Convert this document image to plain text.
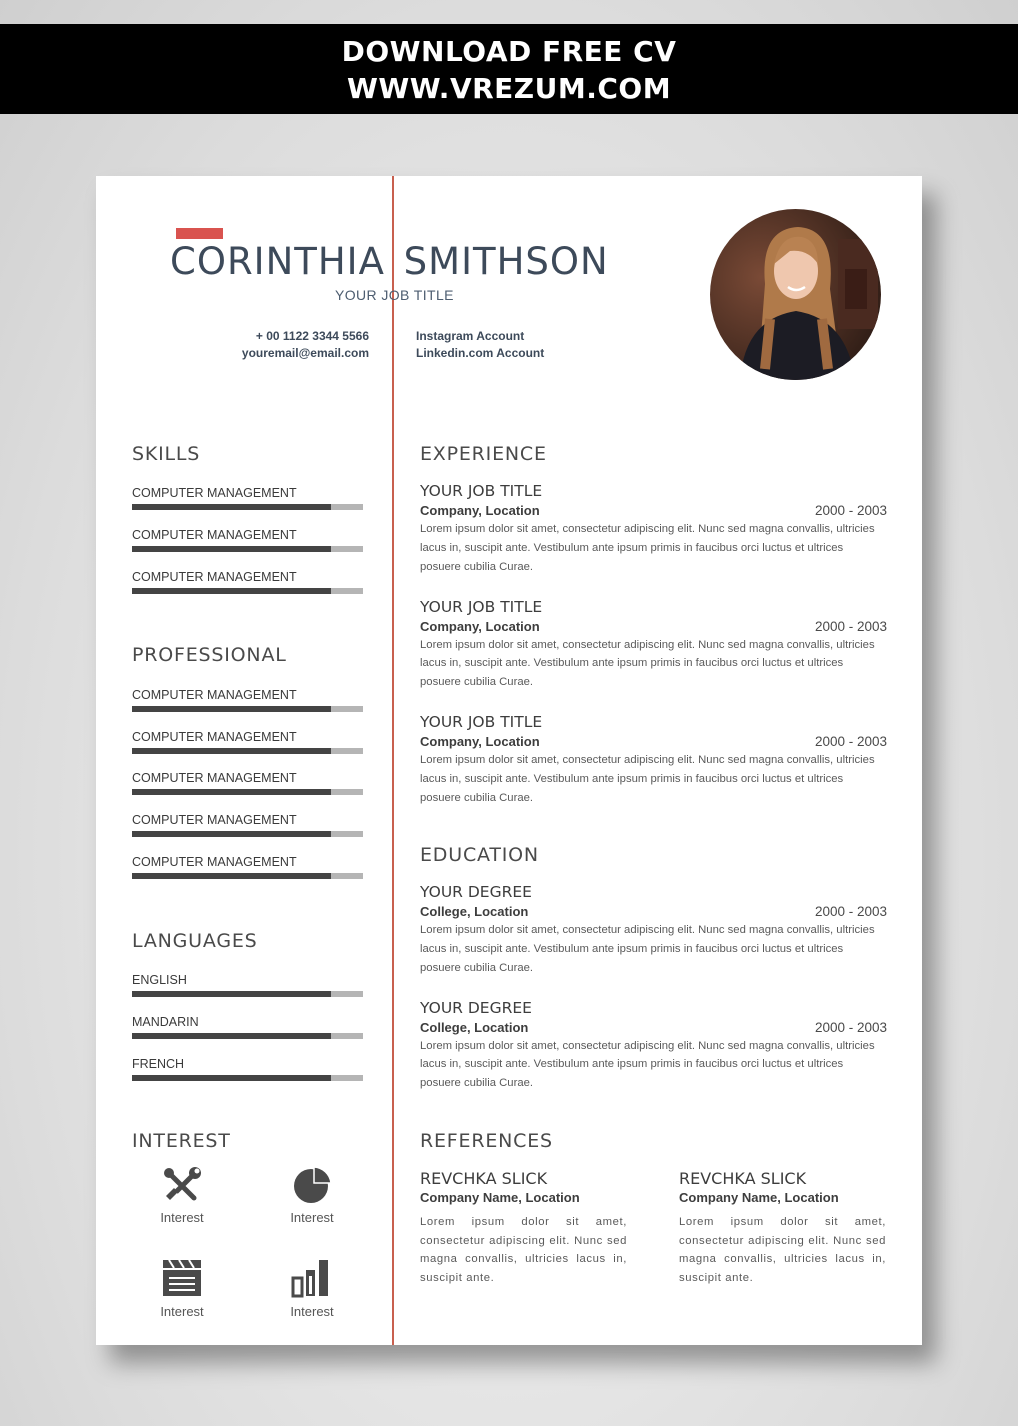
DOWNLOAD FREE CV
WWW.VREZUM.COM
CORINTHIA SMITHSON
YOUR JOB TITLE
+ 00 1122 3344 5566
youremail@email.com
Instagram Account
Linkedin.com Account
SKILLS
COMPUTER MANAGEMENT
COMPUTER MANAGEMENT
COMPUTER MANAGEMENT
PROFESSIONAL
COMPUTER MANAGEMENT
COMPUTER MANAGEMENT
COMPUTER MANAGEMENT
COMPUTER MANAGEMENT
COMPUTER MANAGEMENT
LANGUAGES
ENGLISH
MANDARIN
FRENCH
INTEREST
Interest	Interest
Interest	Interest
EXPERIENCE
YOUR JOB TITLE
Company, Location	2000 - 2003
Lorem ipsum dolor sit amet, consectetur adipiscing elit. Nunc sed magna convallis, ultricies lacus in, suscipit ante. Vestibulum ante ipsum primis in faucibus orci luctus et ultrices posuere cubilia Curae.
YOUR JOB TITLE
Company, Location	2000 - 2003
Lorem ipsum dolor sit amet, consectetur adipiscing elit. Nunc sed magna convallis, ultricies lacus in, suscipit ante. Vestibulum ante ipsum primis in faucibus orci luctus et ultrices posuere cubilia Curae.
YOUR JOB TITLE
Company, Location	2000 - 2003
Lorem ipsum dolor sit amet, consectetur adipiscing elit. Nunc sed magna convallis, ultricies lacus in, suscipit ante. Vestibulum ante ipsum primis in faucibus orci luctus et ultrices posuere cubilia Curae.
EDUCATION
YOUR DEGREE
College, Location	2000 - 2003
Lorem ipsum dolor sit amet, consectetur adipiscing elit. Nunc sed magna convallis, ultricies lacus in, suscipit ante. Vestibulum ante ipsum primis in faucibus orci luctus et ultrices posuere cubilia Curae.
YOUR DEGREE
College, Location	2000 - 2003
Lorem ipsum dolor sit amet, consectetur adipiscing elit. Nunc sed magna convallis, ultricies lacus in, suscipit ante. Vestibulum ante ipsum primis in faucibus orci luctus et ultrices posuere cubilia Curae.
REFERENCES
REVCHKA SLICK
Company Name, Location
Lorem ipsum dolor sit amet, consectetur adipiscing elit. Nunc sed magna convallis, ultricies lacus in, suscipit ante.
REVCHKA SLICK
Company Name, Location
Lorem ipsum dolor sit amet, consectetur adipiscing elit. Nunc sed magna convallis, ultricies lacus in, suscipit ante.
